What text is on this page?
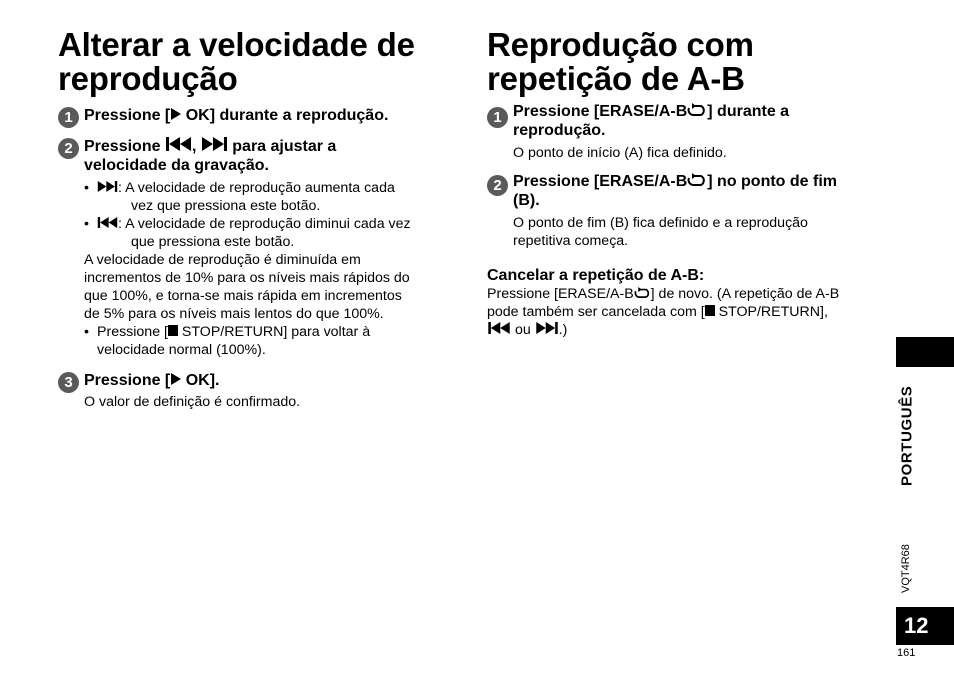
Alterar a velocidade de
reprodução
1 Pressione [ OK] durante a reprodução.
2 Pressione ,  para ajustar a
velocidade da gravação.
• : A velocidade de reprodução aumenta cada
vez que pressiona este botão.
• : A velocidade de reprodução diminui cada vez
que pressiona este botão.
A velocidade de reprodução é diminuída em
incrementos de 10% para os níveis mais rápidos do
que 100%, e torna-se mais rápida em incrementos
de 5% para os níveis mais lentos do que 100%.
• Pressione [ STOP/RETURN] para voltar à
velocidade normal (100%).
3 Pressione [ OK].
O valor de definição é confirmado.
Reprodução com
repetição de A-B
1 Pressione [ERASE/A-B ] durante a
reprodução.
O ponto de início (A) fica definido.
2 Pressione [ERASE/A-B ] no ponto de fim
(B).
O ponto de fim (B) fica definido e a reprodução
repetitiva começa.
Cancelar a repetição de A-B:
Pressione [ERASE/A-B ] de novo. (A repetição de A-B
pode também ser cancelada com [ STOP/RETURN],
ou .)
PORTUGUÊS
VQT4R68
12
161
